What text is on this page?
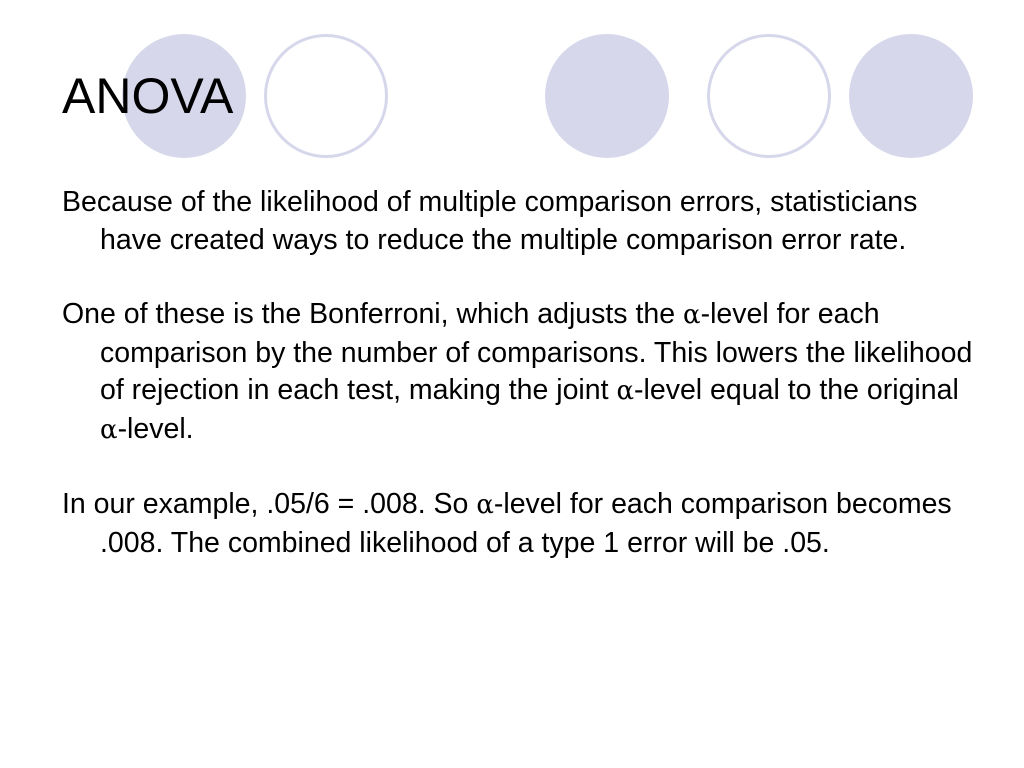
ANOVA

Because of the likelihood of multiple comparison errors, statisticians have created ways to reduce the multiple comparison error rate.

One of these is the Bonferroni, which adjusts the α-level for each comparison by the number of comparisons. This lowers the likelihood of rejection in each test, making the joint α-level equal to the original α-level.

In our example, .05/6 = .008. So α-level for each comparison becomes .008. The combined likelihood of a type 1 error will be .05.
